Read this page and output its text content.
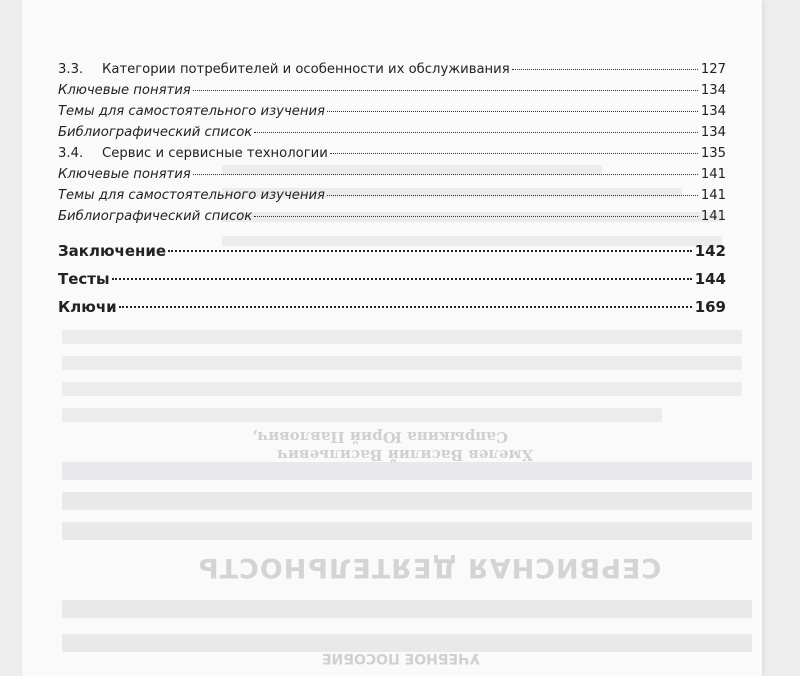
СЕРВИСНАЯ ДЕЯТЕЛЬНОСТЬ
Сапрыкина Юрий Павлович,
Хмелев Василий Васильевич
УЧЕБНОЕ ПОСОБИЕ
3.3.	Категории потребителей и особенности их обслуживания	127
Ключевые понятия	134
Темы для самостоятельного изучения	134
Библиографический список	134
3.4.	Сервис и сервисные технологии	135
Ключевые понятия	141
Темы для самостоятельного изучения	141
Библиографический список	141
Заключение	142
Тесты	144
Ключи	169
